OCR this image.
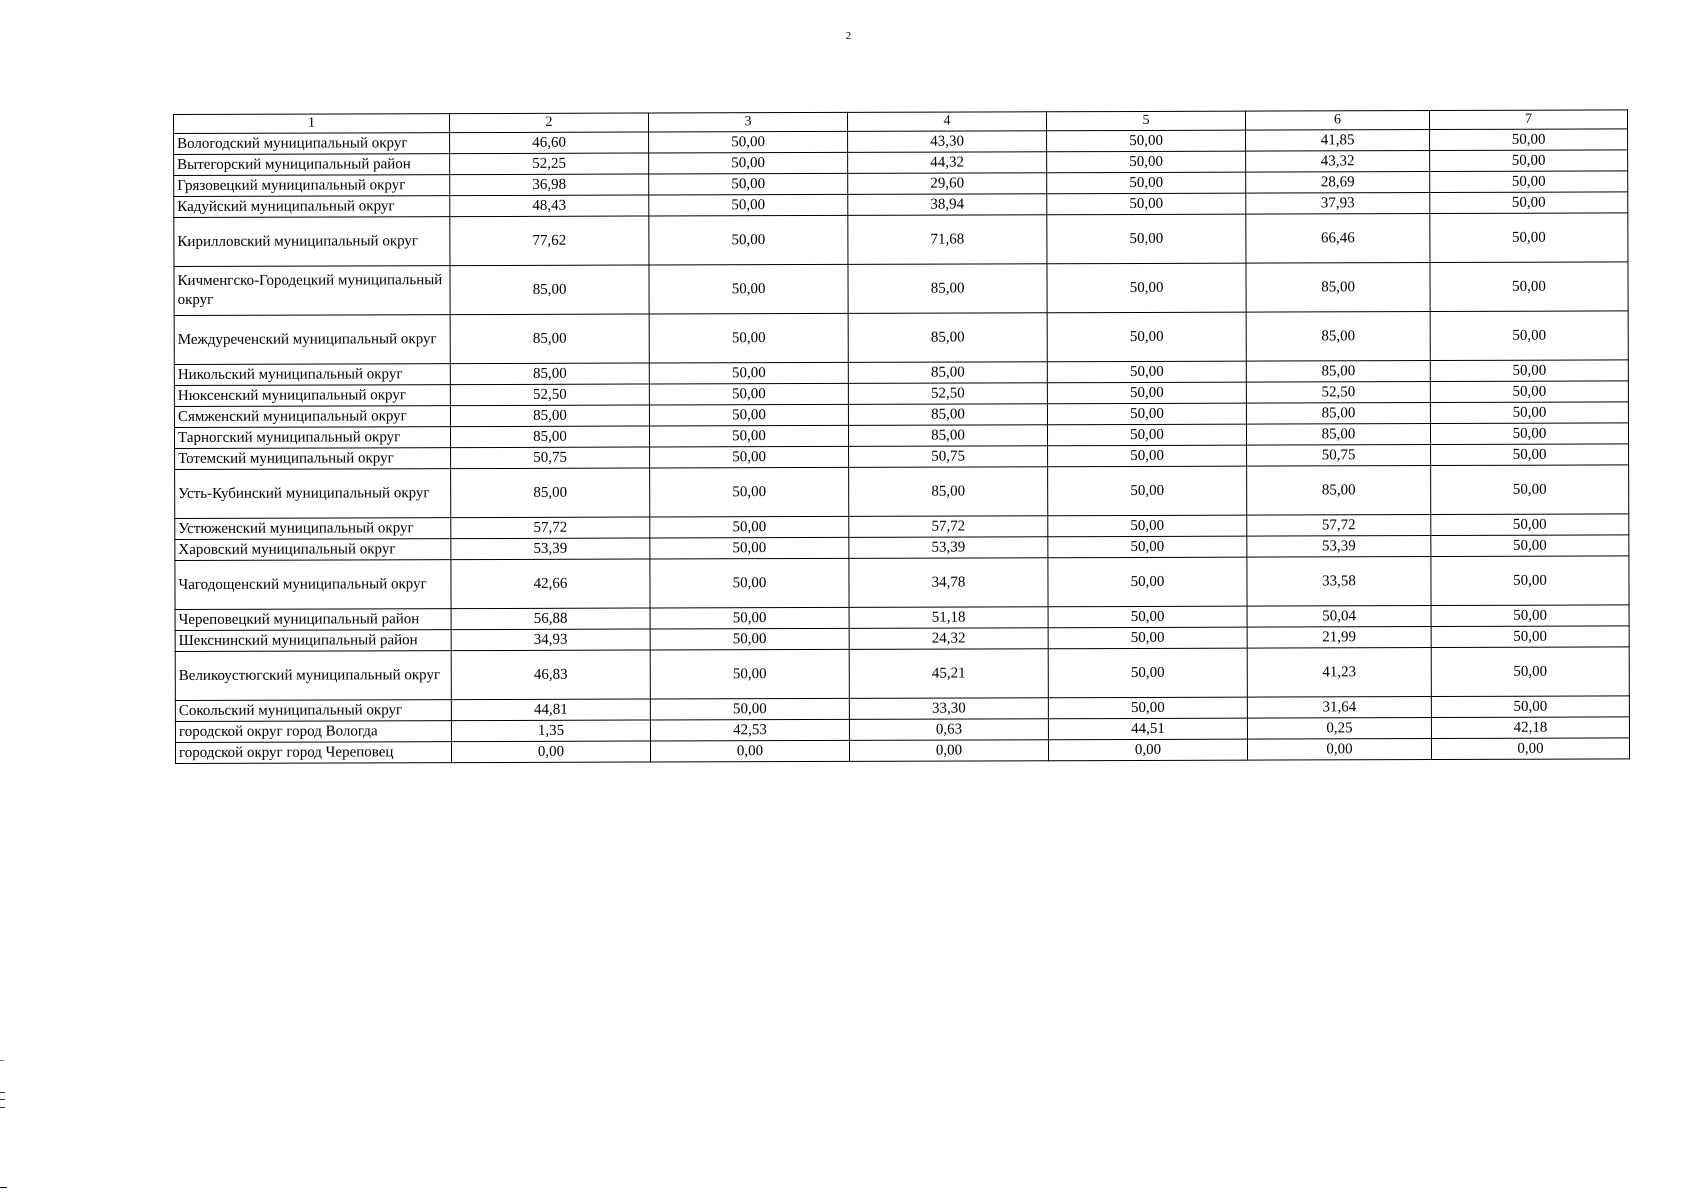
2
1	2	3	4	5	6	7
Вологодский муниципальный округ	46,60	50,00	43,30	50,00	41,85	50,00
Вытегорский муниципальный район	52,25	50,00	44,32	50,00	43,32	50,00
Грязовецкий муниципальный округ	36,98	50,00	29,60	50,00	28,69	50,00
Кадуйский муниципальный округ	48,43	50,00	38,94	50,00	37,93	50,00
Кирилловский муниципальный округ	77,62	50,00	71,68	50,00	66,46	50,00
Кичменгско-Городецкий муниципальный округ	85,00	50,00	85,00	50,00	85,00	50,00
Междуреченский муниципальный округ	85,00	50,00	85,00	50,00	85,00	50,00
Никольский муниципальный округ	85,00	50,00	85,00	50,00	85,00	50,00
Нюксенский муниципальный округ	52,50	50,00	52,50	50,00	52,50	50,00
Сямженский муниципальный округ	85,00	50,00	85,00	50,00	85,00	50,00
Тарногский муниципальный округ	85,00	50,00	85,00	50,00	85,00	50,00
Тотемский муниципальный округ	50,75	50,00	50,75	50,00	50,75	50,00
Усть-Кубинский муниципальный округ	85,00	50,00	85,00	50,00	85,00	50,00
Устюженский муниципальный округ	57,72	50,00	57,72	50,00	57,72	50,00
Харовский муниципальный округ	53,39	50,00	53,39	50,00	53,39	50,00
Чагодощенский муниципальный округ	42,66	50,00	34,78	50,00	33,58	50,00
Череповецкий муниципальный район	56,88	50,00	51,18	50,00	50,04	50,00
Шекснинский муниципальный район	34,93	50,00	24,32	50,00	21,99	50,00
Великоустюгский муниципальный округ	46,83	50,00	45,21	50,00	41,23	50,00
Сокольский муниципальный округ	44,81	50,00	33,30	50,00	31,64	50,00
городской округ город Вологда	1,35	42,53	0,63	44,51	0,25	42,18
городской округ город Череповец	0,00	0,00	0,00	0,00	0,00	0,00
